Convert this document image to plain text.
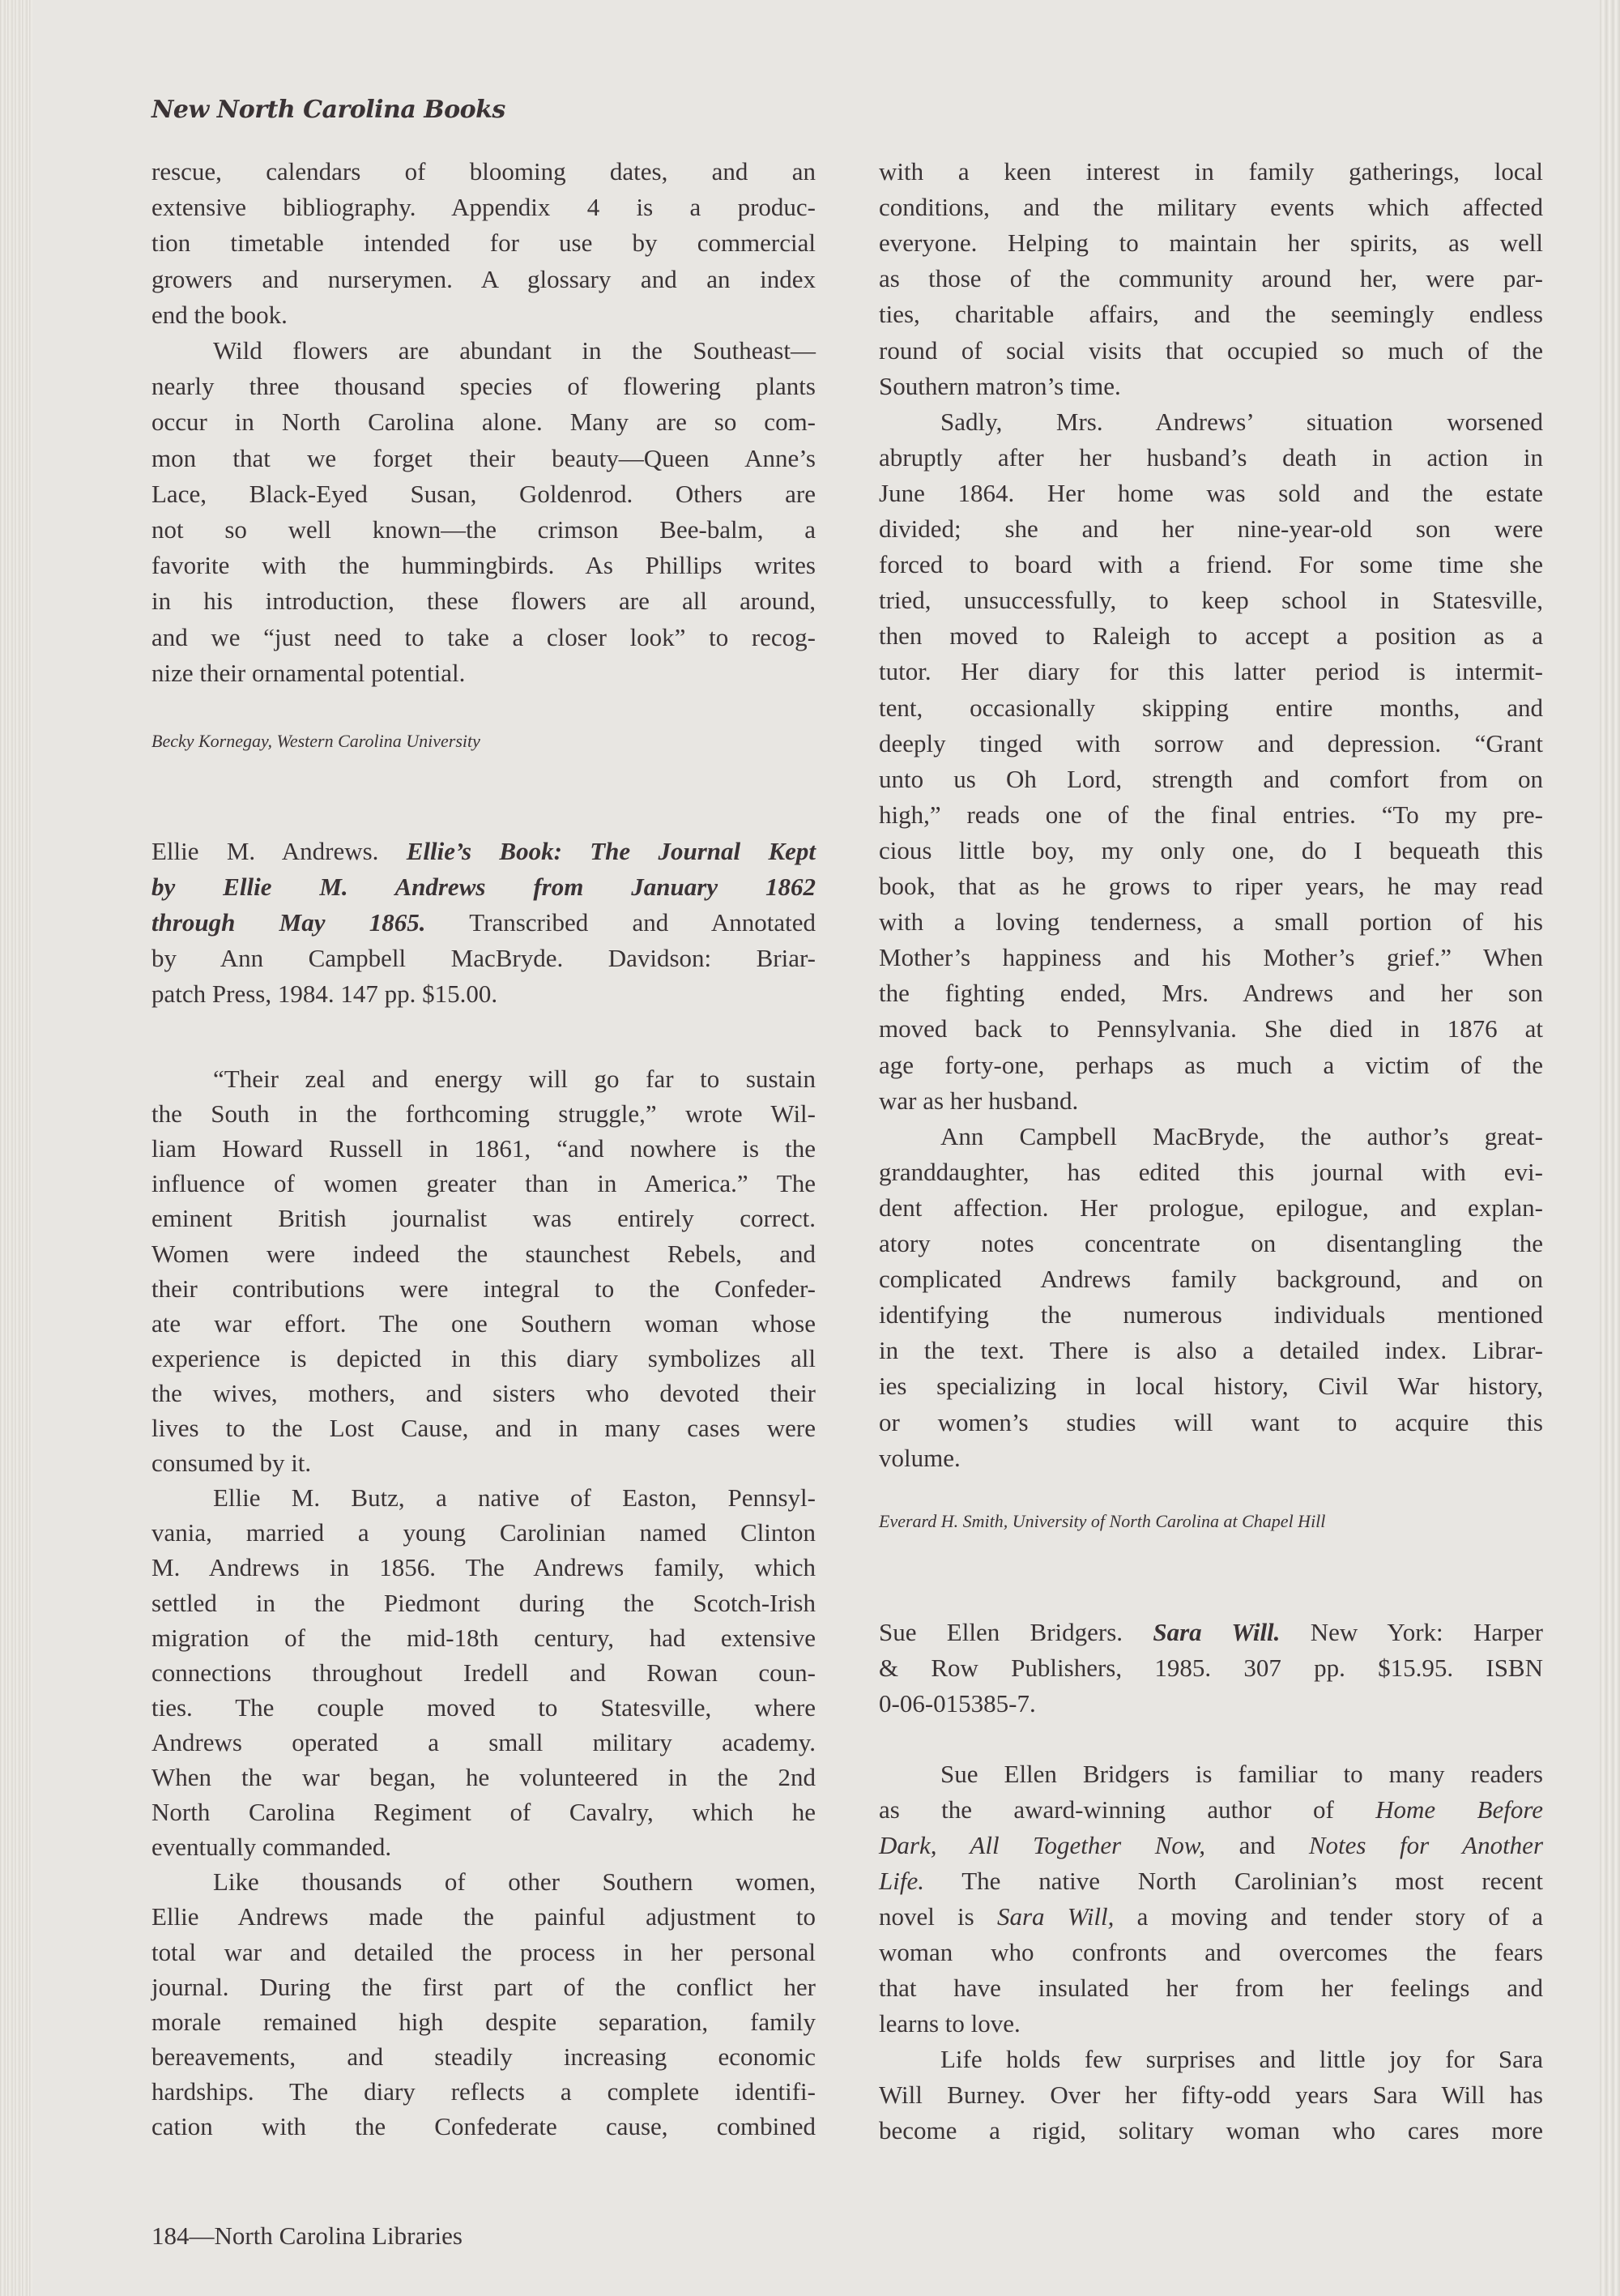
New North Carolina Books
rescue, calendars of blooming dates, and an
extensive bibliography. Appendix 4 is a produc-
tion timetable intended for use by commercial
growers and nurserymen. A glossary and an index
end the book.
Wild flowers are abundant in the Southeast—
nearly three thousand species of flowering plants
occur in North Carolina alone. Many are so com-
mon that we forget their beauty—Queen Anne’s
Lace, Black-Eyed Susan, Goldenrod. Others are
not so well known—the crimson Bee-balm, a
favorite with the hummingbirds. As Phillips writes
in his introduction, these flowers are all around,
and we “just need to take a closer look” to recog-
nize their ornamental potential.
Becky Kornegay, Western Carolina University
Ellie M. Andrews. Ellie’s Book: The Journal Kept
by Ellie M. Andrews from January 1862
through May 1865. Transcribed and Annotated
by Ann Campbell MacBryde. Davidson: Briar-
patch Press, 1984. 147 pp. $15.00.
“Their zeal and energy will go far to sustain
the South in the forthcoming struggle,” wrote Wil-
liam Howard Russell in 1861, “and nowhere is the
influence of women greater than in America.” The
eminent British journalist was entirely correct.
Women were indeed the staunchest Rebels, and
their contributions were integral to the Confeder-
ate war effort. The one Southern woman whose
experience is depicted in this diary symbolizes all
the wives, mothers, and sisters who devoted their
lives to the Lost Cause, and in many cases were
consumed by it.
Ellie M. Butz, a native of Easton, Pennsyl-
vania, married a young Carolinian named Clinton
M. Andrews in 1856. The Andrews family, which
settled in the Piedmont during the Scotch-Irish
migration of the mid-18th century, had extensive
connections throughout Iredell and Rowan coun-
ties. The couple moved to Statesville, where
Andrews operated a small military academy.
When the war began, he volunteered in the 2nd
North Carolina Regiment of Cavalry, which he
eventually commanded.
Like thousands of other Southern women,
Ellie Andrews made the painful adjustment to
total war and detailed the process in her personal
journal. During the first part of the conflict her
morale remained high despite separation, family
bereavements, and steadily increasing economic
hardships. The diary reflects a complete identifi-
cation with the Confederate cause, combined
with a keen interest in family gatherings, local
conditions, and the military events which affected
everyone. Helping to maintain her spirits, as well
as those of the community around her, were par-
ties, charitable affairs, and the seemingly endless
round of social visits that occupied so much of the
Southern matron’s time.
Sadly, Mrs. Andrews’ situation worsened
abruptly after her husband’s death in action in
June 1864. Her home was sold and the estate
divided; she and her nine-year-old son were
forced to board with a friend. For some time she
tried, unsuccessfully, to keep school in Statesville,
then moved to Raleigh to accept a position as a
tutor. Her diary for this latter period is intermit-
tent, occasionally skipping entire months, and
deeply tinged with sorrow and depression. “Grant
unto us Oh Lord, strength and comfort from on
high,” reads one of the final entries. “To my pre-
cious little boy, my only one, do I bequeath this
book, that as he grows to riper years, he may read
with a loving tenderness, a small portion of his
Mother’s happiness and his Mother’s grief.” When
the fighting ended, Mrs. Andrews and her son
moved back to Pennsylvania. She died in 1876 at
age forty-one, perhaps as much a victim of the
war as her husband.
Ann Campbell MacBryde, the author’s great-
granddaughter, has edited this journal with evi-
dent affection. Her prologue, epilogue, and explan-
atory notes concentrate on disentangling the
complicated Andrews family background, and on
identifying the numerous individuals mentioned
in the text. There is also a detailed index. Librar-
ies specializing in local history, Civil War history,
or women’s studies will want to acquire this
volume.
Everard H. Smith, University of North Carolina at Chapel Hill
Sue Ellen Bridgers. Sara Will. New York: Harper
& Row Publishers, 1985. 307 pp. $15.95. ISBN
0-06-015385-7.
Sue Ellen Bridgers is familiar to many readers
as the award-winning author of Home Before
Dark, All Together Now, and Notes for Another
Life. The native North Carolinian’s most recent
novel is Sara Will, a moving and tender story of a
woman who confronts and overcomes the fears
that have insulated her from her feelings and
learns to love.
Life holds few surprises and little joy for Sara
Will Burney. Over her fifty-odd years Sara Will has
become a rigid, solitary woman who cares more
184—North Carolina Libraries
